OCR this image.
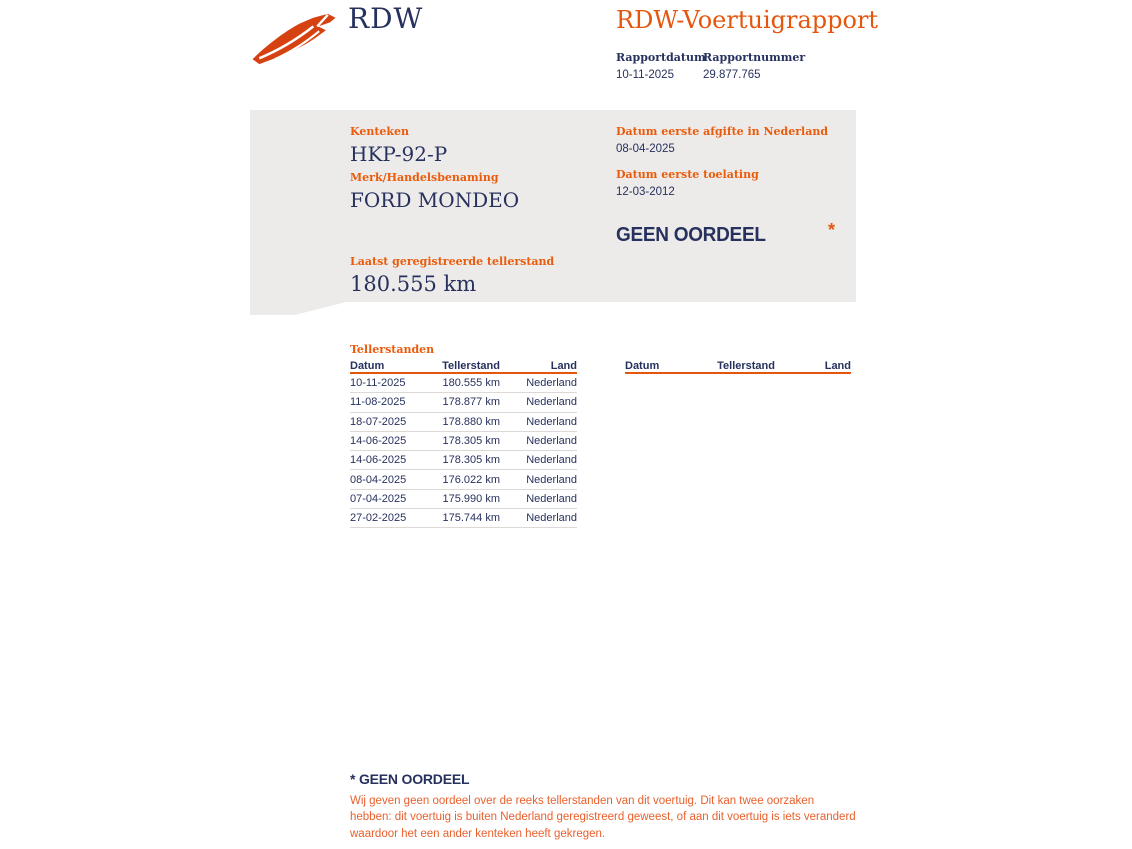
RDW	RDW-Voertuigrapport
Rapportdatum
10-11-2025
Rapportnummer
29.877.765
Kenteken
HKP-92-P
Merk/Handelsbenaming
FORD MONDEO
Datum eerste afgifte in Nederland
08-04-2025
Datum eerste toelating
12-03-2012
GEEN OORDEEL	*
Laatst geregistreerde tellerstand
180.555 km
Tellerstanden
Datum	Tellerstand	Land
10-11-2025	180.555 km	Nederland
11-08-2025	178.877 km	Nederland
18-07-2025	178.880 km	Nederland
14-06-2025	178.305 km	Nederland
14-06-2025	178.305 km	Nederland
08-04-2025	176.022 km	Nederland
07-04-2025	175.990 km	Nederland
27-02-2025	175.744 km	Nederland
Datum	Tellerstand	Land
* GEEN OORDEEL

Wij geven geen oordeel over de reeks tellerstanden van dit voertuig. Dit kan twee oorzaken hebben: dit voertuig is buiten Nederland geregistreerd geweest, of aan dit voertuig is iets veranderd waardoor het een ander kenteken heeft gekregen.
